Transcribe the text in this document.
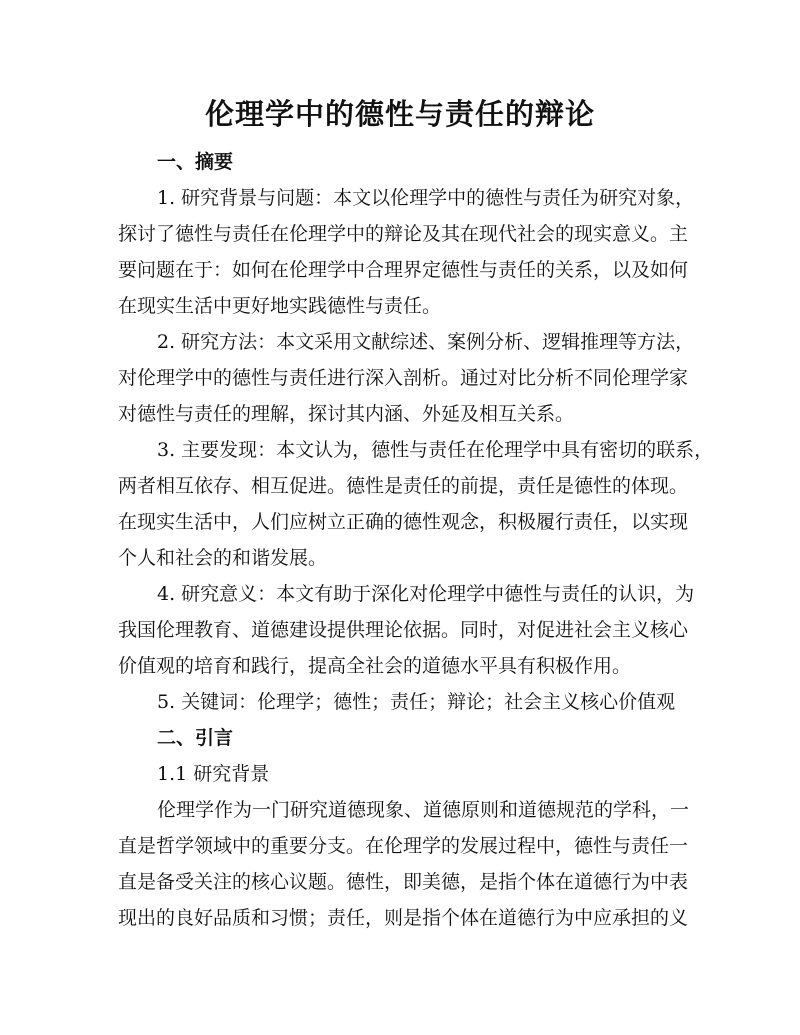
伦理学中的德性与责任的辩论
一、摘要
1. 研究背景与问题：本文以伦理学中的德性与责任为研究对象，
探讨了德性与责任在伦理学中的辩论及其在现代社会的现实意义。主
要问题在于：如何在伦理学中合理界定德性与责任的关系，以及如何
在现实生活中更好地实践德性与责任。
2. 研究方法：本文采用文献综述、案例分析、逻辑推理等方法，
对伦理学中的德性与责任进行深入剖析。通过对比分析不同伦理学家
对德性与责任的理解，探讨其内涵、外延及相互关系。
3. 主要发现：本文认为，德性与责任在伦理学中具有密切的联系，
两者相互依存、相互促进。德性是责任的前提，责任是德性的体现。
在现实生活中，人们应树立正确的德性观念，积极履行责任，以实现
个人和社会的和谐发展。
4. 研究意义：本文有助于深化对伦理学中德性与责任的认识，为
我国伦理教育、道德建设提供理论依据。同时，对促进社会主义核心
价值观的培育和践行，提高全社会的道德水平具有积极作用。
5. 关键词：伦理学；德性；责任；辩论；社会主义核心价值观
二、引言
1.1 研究背景
伦理学作为一门研究道德现象、道德原则和道德规范的学科，一
直是哲学领域中的重要分支。在伦理学的发展过程中，德性与责任一
直是备受关注的核心议题。德性，即美德，是指个体在道德行为中表
现出的良好品质和习惯；责任，则是指个体在道德行为中应承担的义
